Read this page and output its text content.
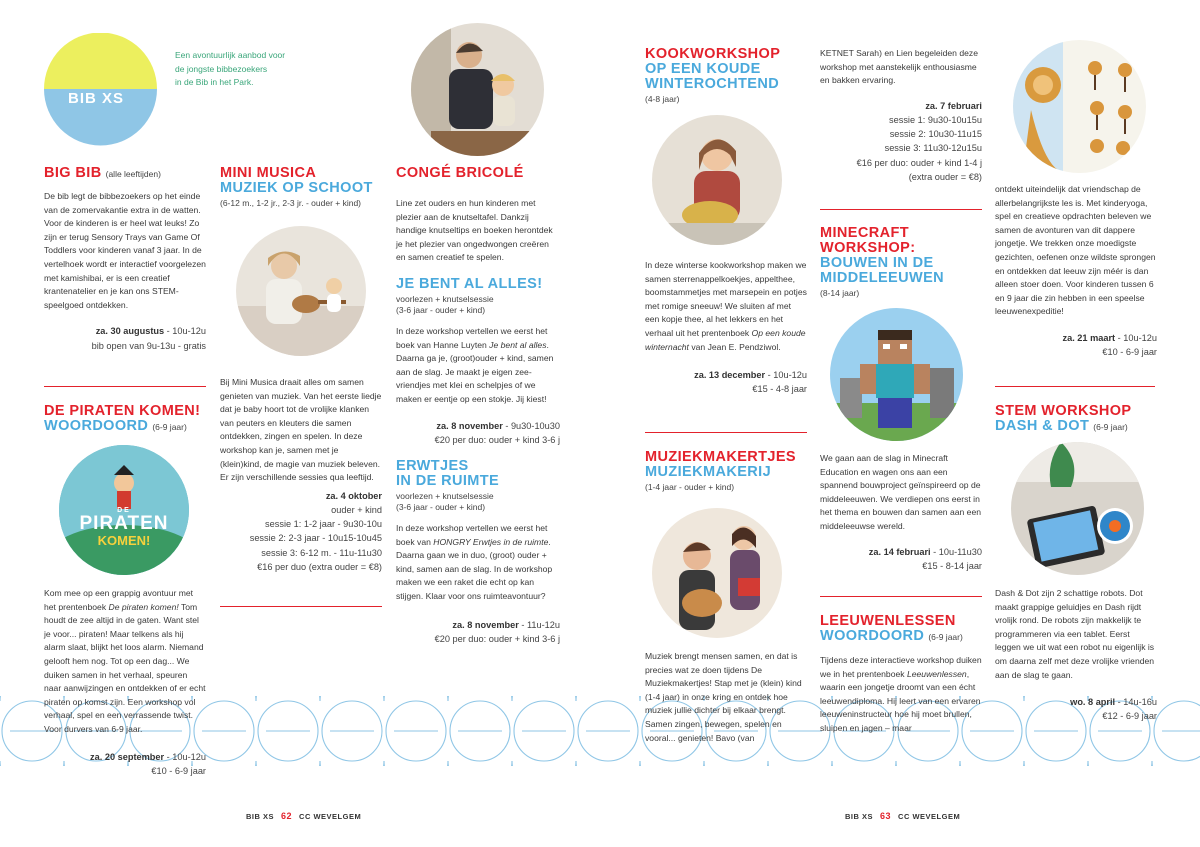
BIB XS
Een avontuurlijk aanbod voor
de jongste bibbezoekers
in de Bib in het Park.
BIG BIB (alle leeftijden)

De bib legt de bibbezoekers op het einde van de zomervakantie extra in de watten. Voor de kinderen is er heel wat leuks! Zo zijn er terug Sensory Trays van Game Of Toddlers voor kinderen vanaf 3 jaar. In de vertelhoek wordt er interactief voorgelezen met kamishibai, er is een creatief krantenatelier en je kan ons STEM-speelgoed ontdekken.

za. 30 augustus - 10u-12u
bib open van 9u-13u - gratis
DE PIRATEN KOMEN!
WOORDOORD (6-9 jaar)
DE
PIRATEN
KOMEN!

Kom mee op een grappig avontuur met het prentenboek De piraten komen! Tom houdt de zee altijd in de gaten. Want stel je voor... piraten! Maar telkens als hij alarm slaat, blijkt het loos alarm. Niemand gelooft hem nog. Tot op een dag... We duiken samen in het verhaal, speuren naar aanwijzingen en ontdekken of er echt piraten op komst zijn. Een workshop vol verhaal, spel en een verrassende twist. Voor durvers van 6-9 jaar.

za. 20 september - 10u-12u
€10 - 6-9 jaar
MINI MUSICA
MUZIEK OP SCHOOT
(6-12 m., 1-2 jr., 2-3 jr. - ouder + kind)

Bij Mini Musica draait alles om samen genieten van muziek. Van het eerste liedje dat je baby hoort tot de vrolijke klanken van peuters en kleuters die samen ontdekken, zingen en spelen. In deze workshop kan je, samen met je (klein)kind, de magie van muziek beleven. Er zijn verschillende sessies qua leeftijd.

za. 4 oktober
ouder + kind
sessie 1: 1-2 jaar - 9u30-10u
sessie 2: 2-3 jaar - 10u15-10u45
sessie 3: 6-12 m. - 11u-11u30
€16 per duo (extra ouder = €8)
CONGÉ BRICOLÉ

Line zet ouders en hun kinderen met plezier aan de knutseltafel. Dankzij handige knutseltips en boeken herontdek je het plezier van ongedwongen creëren en samen creatief te spelen.

JE BENT AL ALLES!
voorlezen + knutselsessie
(3-6 jaar - ouder + kind)

In deze workshop vertellen we eerst het boek van Hanne Luyten Je bent al alles. Daarna ga je, (groot)ouder + kind, samen aan de slag. Je maakt je eigen zee-vriendjes met klei en schelpjes of we maken er eentje op een stokje. Jij kiest!

za. 8 november - 9u30-10u30
€20 per duo: ouder + kind 3-6 j
ERWTJES
IN DE RUIMTE
voorlezen + knutselsessie
(3-6 jaar - ouder + kind)

In deze workshop vertellen we eerst het boek van HONGRY Erwtjes in de ruimte. Daarna gaan we in duo, (groot) ouder + kind, samen aan de slag. In de workshop maken we een raket die echt op kan stijgen. Klaar voor ons ruimteavontuur?

za. 8 november - 11u-12u
€20 per duo: ouder + kind 3-6 j
KOOKWORKSHOP
OP EEN KOUDE
WINTEROCHTEND
(4-8 jaar)

In deze winterse kookworkshop maken we samen sterrenappelkoekjes, appelthee, boomstammetjes met marsepein en potjes met romige sneeuw! We sluiten af met een kopje thee, al het lekkers en het verhaal uit het prentenboek Op een koude winternacht van Jean E. Pendziwol.

za. 13 december - 10u-12u
€15 - 4-8 jaar
MUZIEKMAKERTJES
MUZIEKMAKERIJ
(1-4 jaar - ouder + kind)

Muziek brengt mensen samen, en dat is precies wat ze doen tijdens De Muziekmakertjes! Stap met je (klein) kind (1-4 jaar) in onze kring en ontdek hoe muziek jullie dichter bij elkaar brengt. Samen zingen, bewegen, spelen en vooral... genieten! Bavo (van

KETNET Sarah) en Lien begeleiden deze workshop met aanstekelijk enthousiasme en bakken ervaring.

za. 7 februari
sessie 1: 9u30-10u15u
sessie 2: 10u30-11u15
sessie 3: 11u30-12u15u
€16 per duo: ouder + kind 1-4 j
(extra ouder = €8)
MINECRAFT
WORKSHOP:
BOUWEN IN DE
MIDDELEEUWEN
(8-14 jaar)

We gaan aan de slag in Minecraft Education en wagen ons aan een spannend bouwproject geïnspireerd op de middeleeuwen. We verdiepen ons eerst in het thema en bouwen dan samen aan een middeleeuwse wereld.

za. 14 februari - 10u-11u30
€15 - 8-14 jaar
LEEUWENLESSEN
WOORDOORD (6-9 jaar)

Tijdens deze interactieve workshop duiken we in het prentenboek Leeuwenlessen, waarin een jongetje droomt van een écht leeuwendiploma. Hij leert van een ervaren leeuweninstructeur hoe hij moet brullen, sluipen en jagen – maar

ontdekt uiteindelijk dat vriendschap de allerbelangrijkste les is. Met kinderyoga, spel en creatieve opdrachten beleven we samen de avonturen van dit dappere jongetje. We trekken onze moedigste gezichten, oefenen onze wildste sprongen en ontdekken dat leeuw zijn méér is dan alleen stoer doen. Voor kinderen tussen 6 en 9 jaar die zin hebben in een speelse leeuwenexpeditie!

za. 21 maart - 10u-12u
€10 - 6-9 jaar
STEM WORKSHOP
DASH & DOT (6-9 jaar)

Dash & Dot zijn 2 schattige robots. Dot maakt grappige geluidjes en Dash rijdt vrolijk rond. De robots zijn makkelijk te programmeren via een tablet. Eerst leggen we uit wat een robot nu eigenlijk is om daarna zelf met deze vrolijke vrienden aan de slag te gaan.

wo. 8 april - 14u-16u
€12 - 6-9 jaar
BIB XS 62 CC WEVELGEM	BIB XS 63 CC WEVELGEM
